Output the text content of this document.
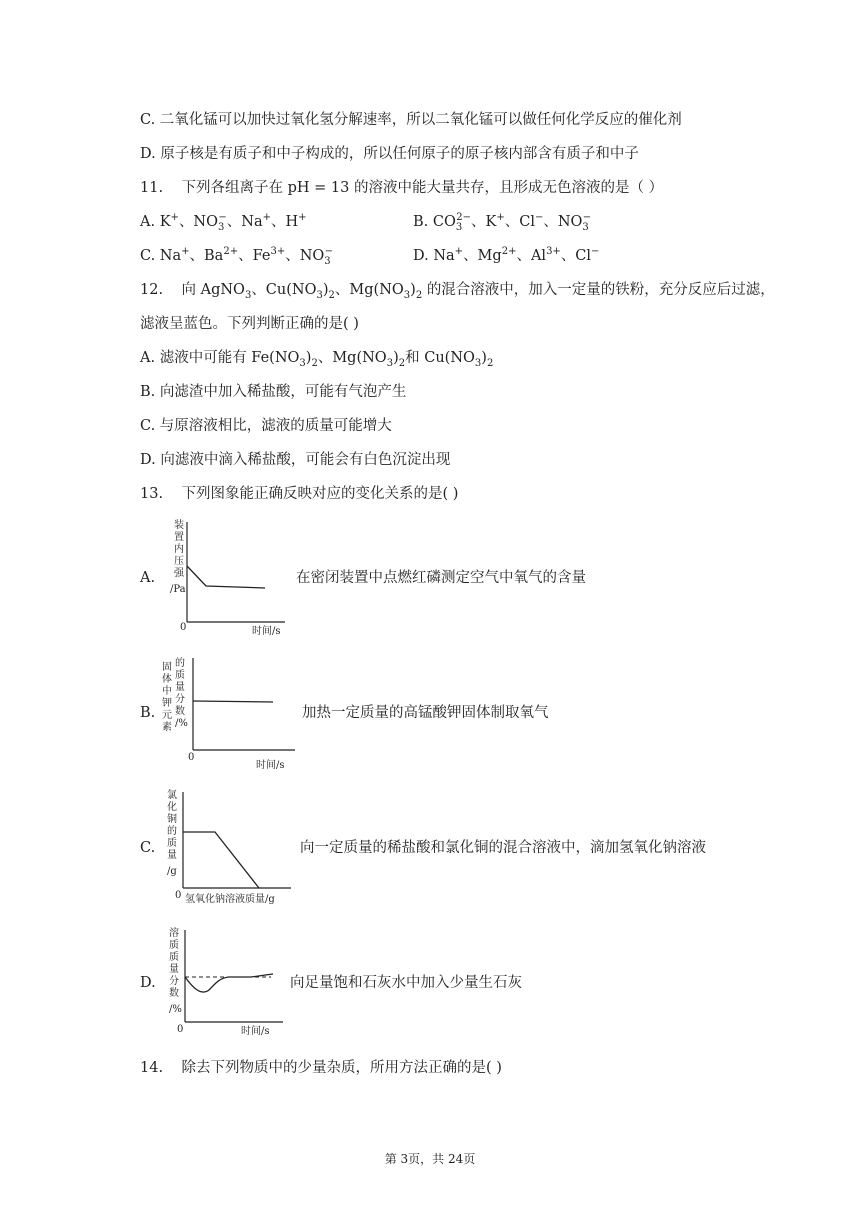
C. 二氧化锰可以加快过氧化氢分解速率，所以二氧化锰可以做任何化学反应的催化剂
D. 原子核是有质子和中子构成的，所以任何原子的原子核内部含有质子和中子
11. 下列各组离子在 pH = 13 的溶液中能大量共存，且形成无色溶液的是（ ）
A. K+、$NO_3^-$、Na+、H+	B. $CO_3^{2-}$、K+、Cl−、$NO_3^-$
C. Na+、$Ba^{2+}$、$Fe^{3+}$、$NO_3^-$	D. Na+、$Mg^{2+}$、$Al^{3+}$、Cl−
12. 向 AgNO$_3$、$Cu(NO_3)_2$、$Mg(NO_3)_2$ 的混合溶液中，加入一定量的铁粉，充分反应后过滤，
滤液呈蓝色。下列判断正确的是( )
A. 滤液中可能有 $Fe(NO_3)_2$、$Mg(NO_3)_2$和 $Cu(NO_3)_2$
B. 向滤渣中加入稀盐酸，可能有气泡产生
C. 与原溶液相比，滤液的质量可能增大
D. 向滤液中滴入稀盐酸，可能会有白色沉淀出现
13. 下列图象能正确反映对应的变化关系的是( )
A.
装
置
内
压
强
/Pa
0	时间/s
在密闭装置中点燃红磷测定空气中氧气的含量
B.
固 的
体 质
中 量
钾 分
元 数
素 /%
0
时间/s
加热一定质量的高锰酸钾固体制取氧气
C.
氯
化
铜
的
质
量
/g
0 氢氧化钠溶液质量/g
向一定质量的稀盐酸和氯化铜的混合溶液中，滴加氢氧化钠溶液
D.
溶
质
质
量
分
数
/%
0	时间/s
向足量饱和石灰水中加入少量生石灰
14. 除去下列物质中的少量杂质，所用方法正确的是( )
第 3页，共 24页
